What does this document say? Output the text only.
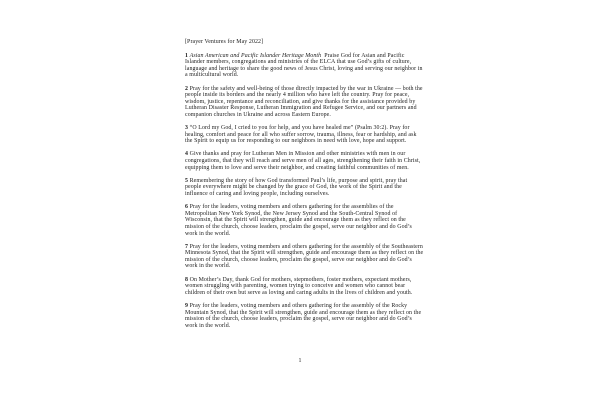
[Prayer Ventures for May 2022]

1 Asian American and Pacific Islander Heritage Month  Praise God for Asian and Pacific Islander members, congregations and ministries of the ELCA that use God’s gifts of culture, language and heritage to share the good news of Jesus Christ, loving and serving our neighbor in a multicultural world.

2 Pray for the safety and well-being of those directly impacted by the war in Ukraine — both the people inside its borders and the nearly 4 million who have left the country. Pray for peace, wisdom, justice, repentance and reconciliation, and give thanks for the assistance provided by Lutheran Disaster Response, Lutheran Immigration and Refugee Service, and our partners and companion churches in Ukraine and across Eastern Europe.

3 “O Lord my God, I cried to you for help, and you have healed me” (Psalm 30:2). Pray for healing, comfort and peace for all who suffer sorrow, trauma, illness, fear or hardship, and ask the Spirit to equip us for responding to our neighbors in need with love, hope and support.

4 Give thanks and pray for Lutheran Men in Mission and other ministries with men in our congregations, that they will reach and serve men of all ages, strengthening their faith in Christ, equipping them to love and serve their neighbor, and creating faithful communities of men.

5 Remembering the story of how God transformed Paul’s life, purpose and spirit, pray that people everywhere might be changed by the grace of God, the work of the Spirit and the influence of caring and loving people, including ourselves.

6 Pray for the leaders, voting members and others gathering for the assemblies of the Metropolitan New York Synod, the New Jersey Synod and the South-Central Synod of Wisconsin, that the Spirit will strengthen, guide and encourage them as they reflect on the mission of the church, choose leaders, proclaim the gospel, serve our neighbor and do God’s work in the world.

7 Pray for the leaders, voting members and others gathering for the assembly of the Southeastern Minnesota Synod, that the Spirit will strengthen, guide and encourage them as they reflect on the mission of the church, choose leaders, proclaim the gospel, serve our neighbor and do God’s work in the world.

8 On Mother’s Day, thank God for mothers, stepmothers, foster mothers, expectant mothers, women struggling with parenting, women trying to conceive and women who cannot bear children of their own but serve as loving and caring adults in the lives of children and youth.

9 Pray for the leaders, voting members and others gathering for the assembly of the Rocky Mountain Synod, that the Spirit will strengthen, guide and encourage them as they reflect on the mission of the church, choose leaders, proclaim the gospel, serve our neighbor and do God’s work in the world.

1
